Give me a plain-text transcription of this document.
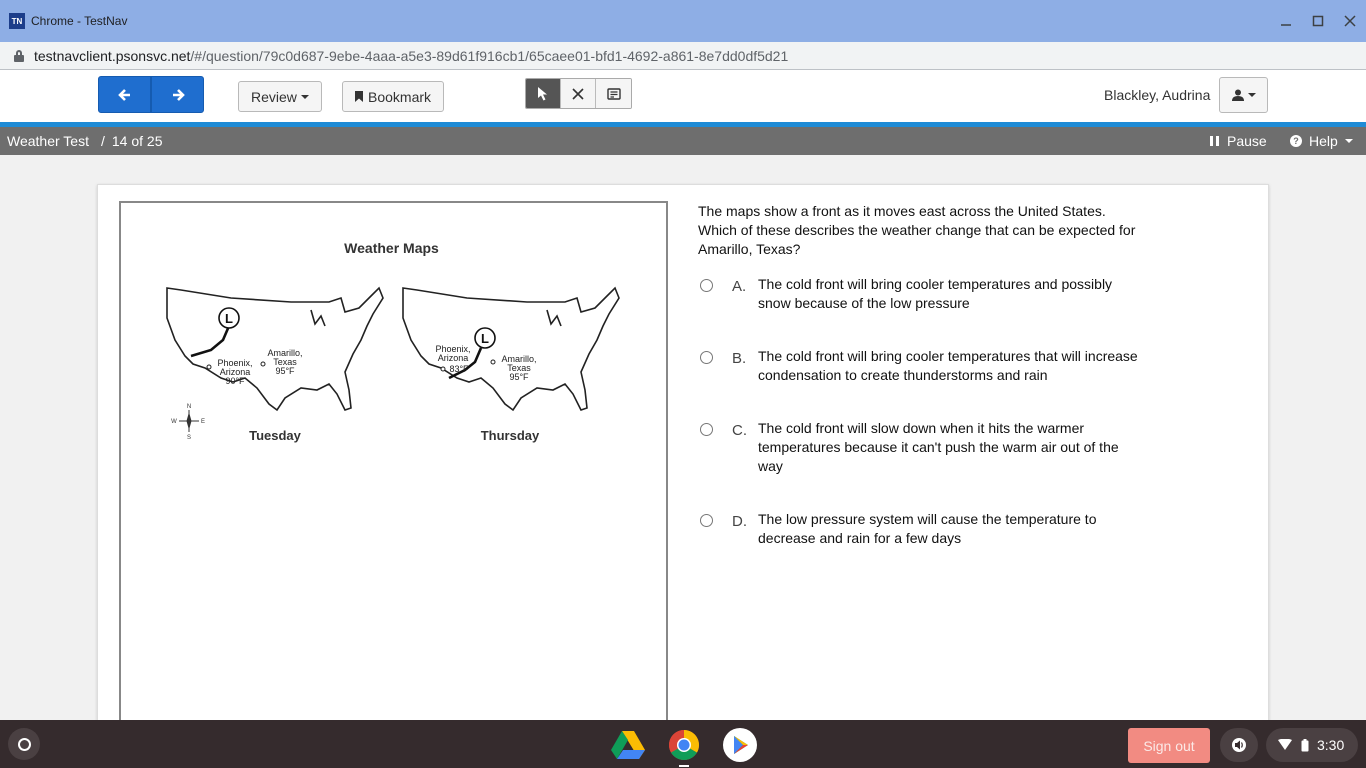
TN Chrome - TestNav
testnavclient.psonsvc.net/#/question/79c0d687-9ebe-4aaa-a5e3-89d61f916cb1/65caee01-bfd1-4692-a861-8e7dd0df5d21
Review	Bookmark	Blackley, Audrina
Weather Test / 14 of 25	Pause	? Help
Weather Maps
L
Phoenix,
Arizona
90°F
Amarillo,
Texas
95°F
Tuesday
N
S
W	E
L
Phoenix,
Arizona
83°F
Amarillo,
Texas
95°F
Thursday
The maps show a front as it moves east across the United States. Which of these describes the weather change that can be expected for Amarillo, Texas?
A. The cold front will bring cooler temperatures and possibly snow because of the low pressure
B. The cold front will bring cooler temperatures that will increase condensation to create thunderstorms and rain
C. The cold front will slow down when it hits the warmer temperatures because it can't push the warm air out of the way
D. The low pressure system will cause the temperature to decrease and rain for a few days
Sign out	3:30
